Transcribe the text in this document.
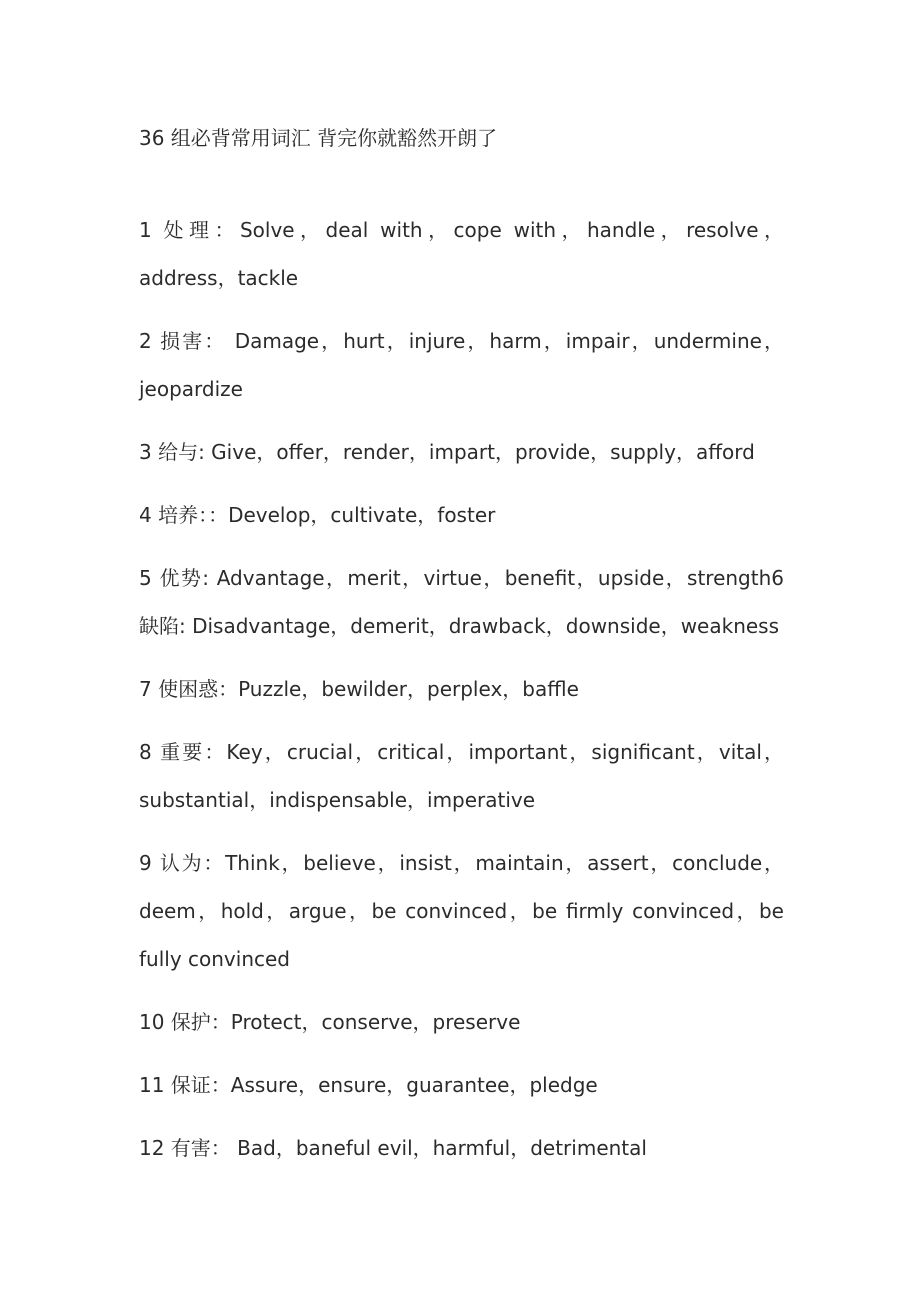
36 组必背常用词汇 背完你就豁然开朗了
1 处理：Solve，deal with，cope with，handle，resolve，address，tackle
2 损害： Damage，hurt，injure，harm，impair，undermine，jeopardize
3 给与: Give，offer，render，impart，provide，supply，afford
4 培养：：Develop，cultivate，foster
5 优势: Advantage，merit，virtue，benefit，upside，strength6 缺陷: Disadvantage，demerit，drawback，downside，weakness
7 使困惑：Puzzle，bewilder，perplex，baffle
8 重要：Key，crucial，critical，important，significant，vital，substantial，indispensable，imperative
9 认为：Think，believe，insist，maintain，assert，conclude，deem，hold，argue，be convinced，be firmly convinced，be fully convinced
10 保护：Protect，conserve，preserve
11 保证：Assure，ensure，guarantee，pledge
12 有害： Bad，baneful evil，harmful，detrimental
